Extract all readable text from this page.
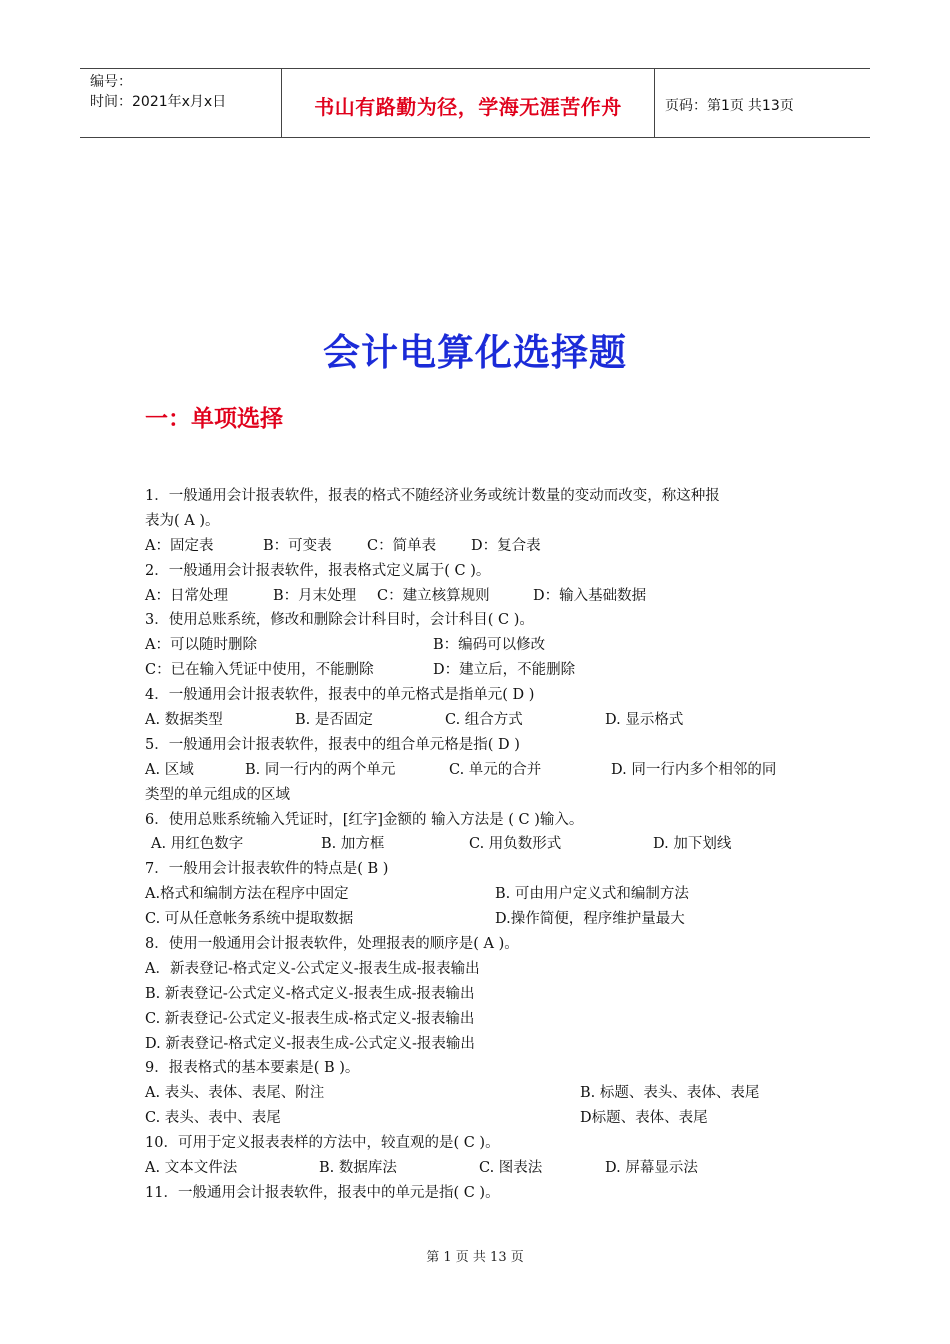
编号：
时间：2021年x月x日	书山有路勤为径，学海无涯苦作舟	页码：第1页 共13页
会计电算化选择题
一：单项选择
1．一般通用会计报表软件，报表的格式不随经济业务或统计数量的变动而改变，称这种报
表为( A )。
A：固定表	B：可变表 C：简单表 D：复合表
2．一般通用会计报表软件，报表格式定义属于( C )。
A：日常处理	B：月末处理 C：建立核算规则	D：输入基础数据
3．使用总账系统，修改和删除会计科目时，会计科目( C )。
A：可以随时删除	B：编码可以修改
C：已在输入凭证中使用，不能删除	D：建立后，不能删除
4．一般通用会计报表软件，报表中的单元格式是指单元( D )
A. 数据类型	B. 是否固定	C. 组合方式	D. 显示格式
5．一般通用会计报表软件，报表中的组合单元格是指( D )
A. 区域	B. 同一行内的两个单元	C. 单元的合并	D. 同一行内多个相邻的同
类型的单元组成的区域
6．使用总账系统输入凭证时，[红字]金额的 输入方法是 ( C )输入。
A. 用红色数字	B. 加方框	C. 用负数形式	D. 加下划线
7．一般用会计报表软件的特点是( B )
A.格式和编制方法在程序中固定	B. 可由用户定义式和编制方法
C. 可从任意帐务系统中提取数据	D.操作简便，程序维护量最大
8．使用一般通用会计报表软件，处理报表的顺序是( A )。
A．新表登记-格式定义-公式定义-报表生成-报表输出
B. 新表登记-公式定义-格式定义-报表生成-报表输出
C. 新表登记-公式定义-报表生成-格式定义-报表输出
D. 新表登记-格式定义-报表生成-公式定义-报表输出
9．报表格式的基本要素是( B )。
A. 表头、表体、表尾、附注	B. 标题、表头、表体、表尾
C. 表头、表中、表尾	D标题、表体、表尾
10．可用于定义报表表样的方法中，较直观的是( C )。
A. 文本文件法	B. 数据库法	C. 图表法	D. 屏幕显示法
11．一般通用会计报表软件，报表中的单元是指( C )。
第 1 页 共 13 页
